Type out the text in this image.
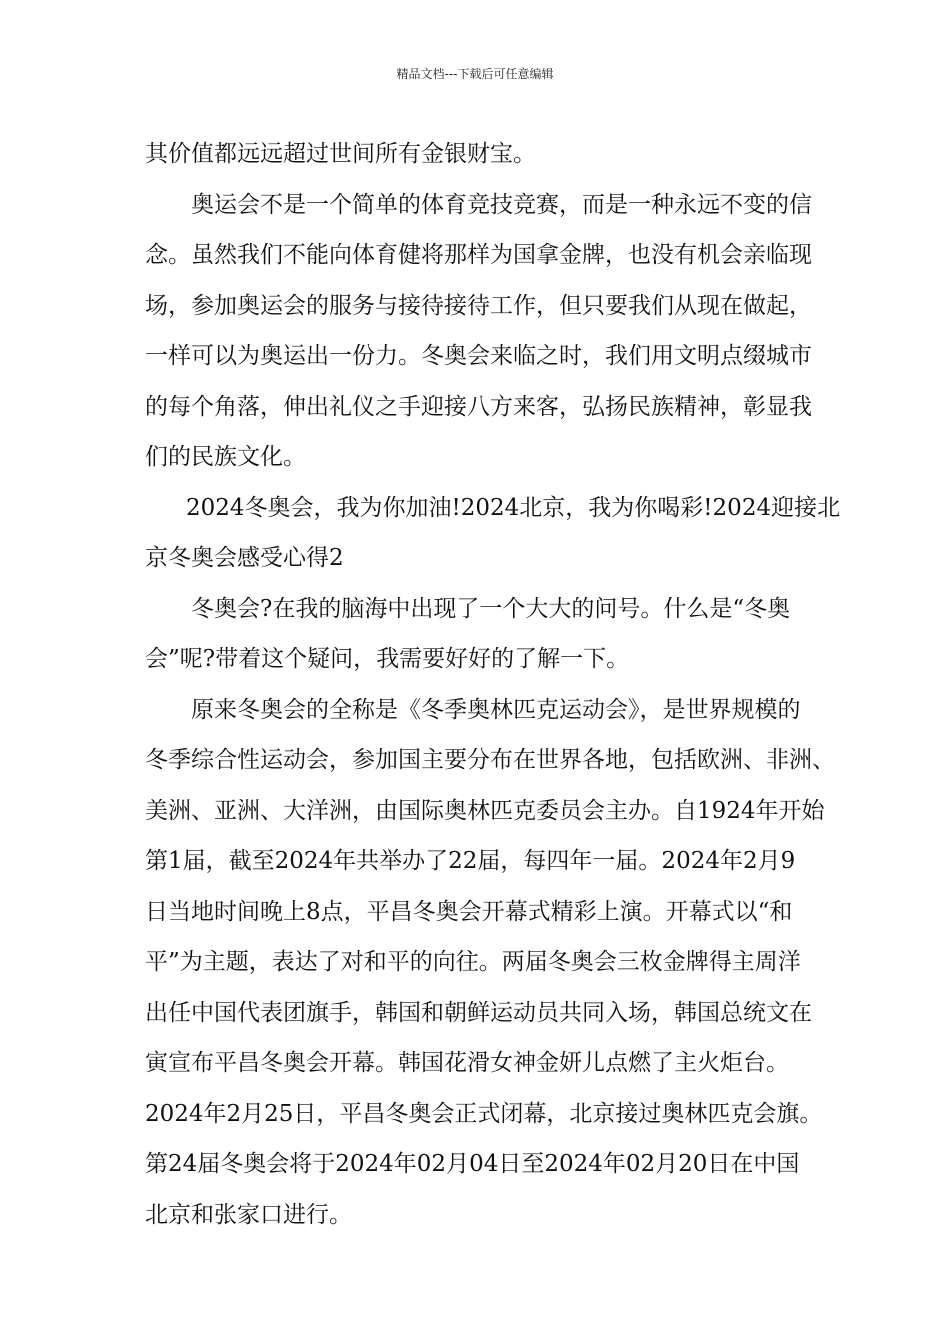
精品文档---下载后可任意编辑
其价值都远远超过世间所有金银财宝。
奥运会不是一个简单的体育竞技竞赛，而是一种永远不变的信
念。虽然我们不能向体育健将那样为国拿金牌，也没有机会亲临现
场，参加奥运会的服务与接待接待工作，但只要我们从现在做起，
一样可以为奥运出一份力。冬奥会来临之时，我们用文明点缀城市
的每个角落，伸出礼仪之手迎接八方来客，弘扬民族精神，彰显我
们的民族文化。
2024冬奥会，我为你加油!2024北京，我为你喝彩!2024迎接北
京冬奥会感受心得2
冬奥会?在我的脑海中出现了一个大大的问号。什么是“冬奥
会”呢?带着这个疑问，我需要好好的了解一下。
原来冬奥会的全称是《冬季奥林匹克运动会》，是世界规模的
冬季综合性运动会，参加国主要分布在世界各地，包括欧洲、非洲、
美洲、亚洲、大洋洲，由国际奥林匹克委员会主办。自1924年开始
第1届，截至2024年共举办了22届，每四年一届。2024年2月9
日当地时间晚上8点，平昌冬奥会开幕式精彩上演。开幕式以“和
平”为主题，表达了对和平的向往。两届冬奥会三枚金牌得主周洋
出任中国代表团旗手，韩国和朝鲜运动员共同入场，韩国总统文在
寅宣布平昌冬奥会开幕。韩国花滑女神金妍儿点燃了主火炬台。
2024年2月25日，平昌冬奥会正式闭幕，北京接过奥林匹克会旗。
第24届冬奥会将于2024年02月04日至2024年02月20日在中国
北京和张家口进行。
